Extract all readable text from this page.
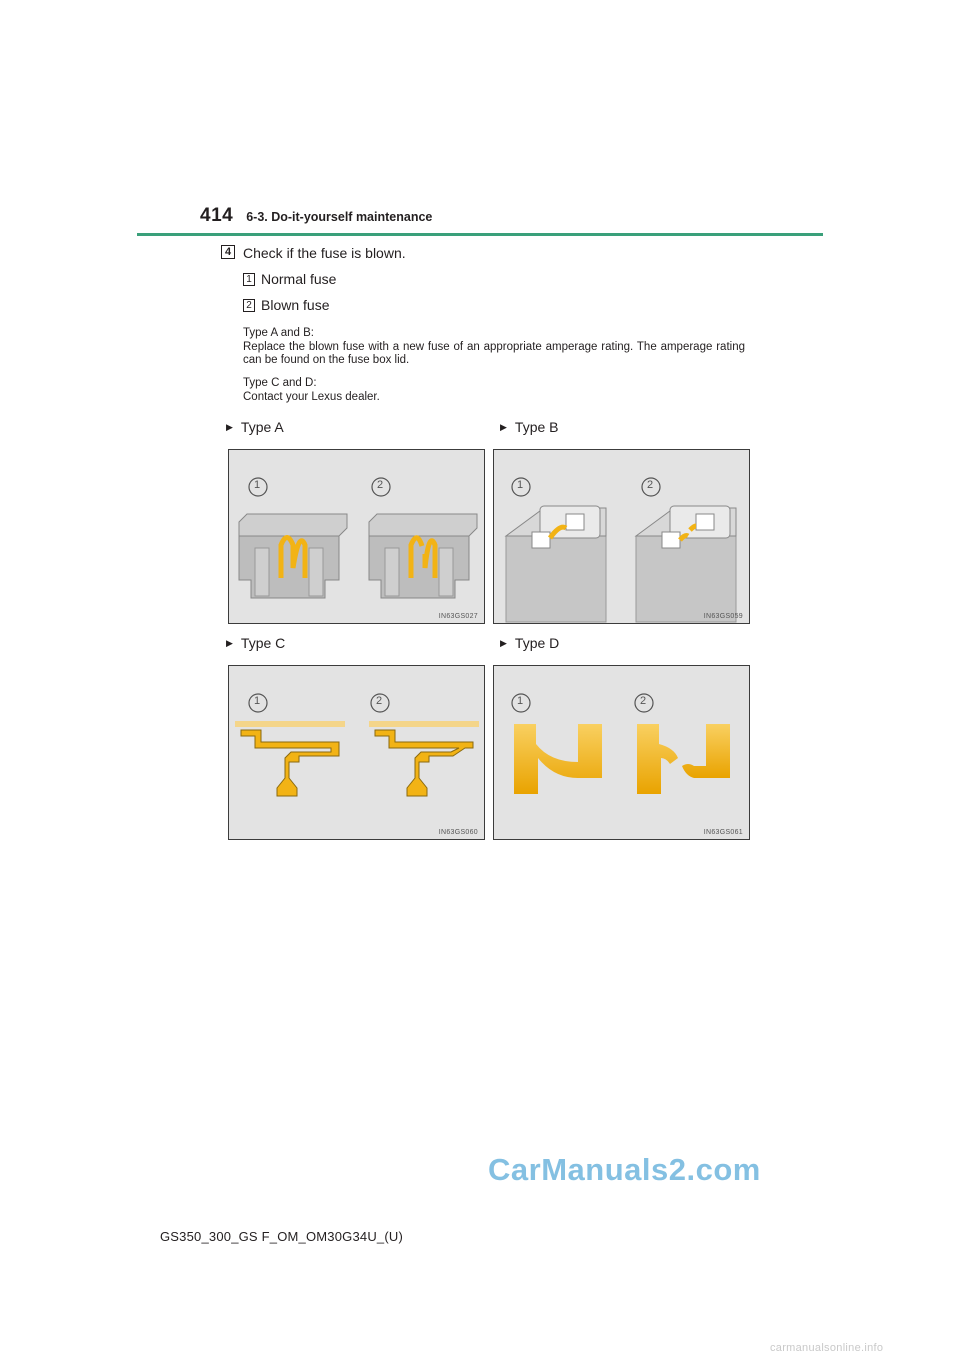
414 6-3. Do-it-yourself maintenance
4 Check if the fuse is blown.
1 Normal fuse
2 Blown fuse
Type A and B:
Replace the blown fuse with a new fuse of an appropriate amperage rating. The amperage rating can be found on the fuse box lid.
Type C and D:
Contact your Lexus dealer.
▶ Type A	▶ Type B
▶ Type C	▶ Type D
1	2
IN63GS027
1	2
IN63GS059
1	2
IN63GS060
1	2
IN63GS061
CarManuals2.com
GS350_300_GS F_OM_OM30G34U_(U)
carmanualsonline.info
